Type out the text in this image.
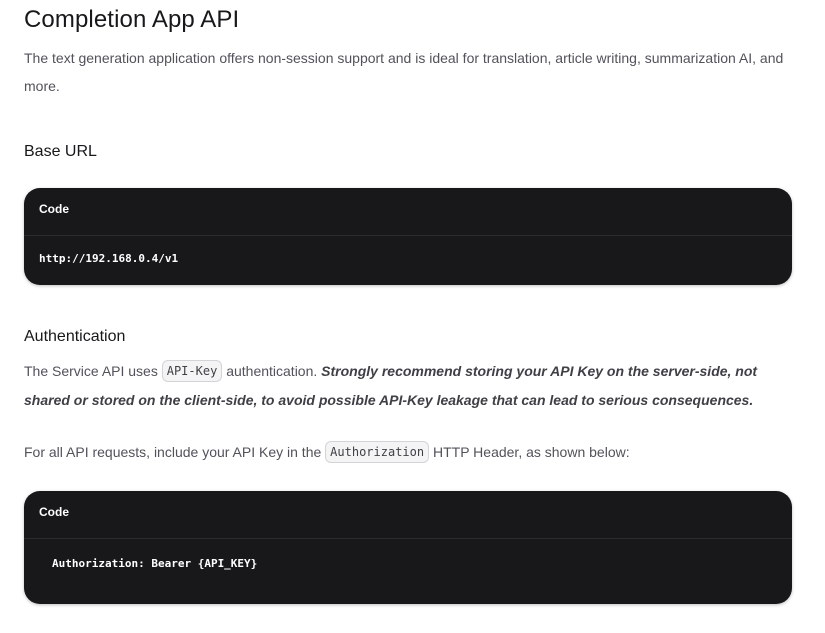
Completion App API

The text generation application offers non-session support and is ideal for translation, article writing, summarization AI, and more.

Base URL
Code
http://192.168.0.4/v1
Authentication

The Service API uses API-Key authentication. Strongly recommend storing your API Key on the server-side, not shared or stored on the client-side, to avoid possible API-Key leakage that can lead to serious consequences.

For all API requests, include your API Key in the Authorization HTTP Header, as shown below:

Code
Authorization: Bearer {API_KEY}
